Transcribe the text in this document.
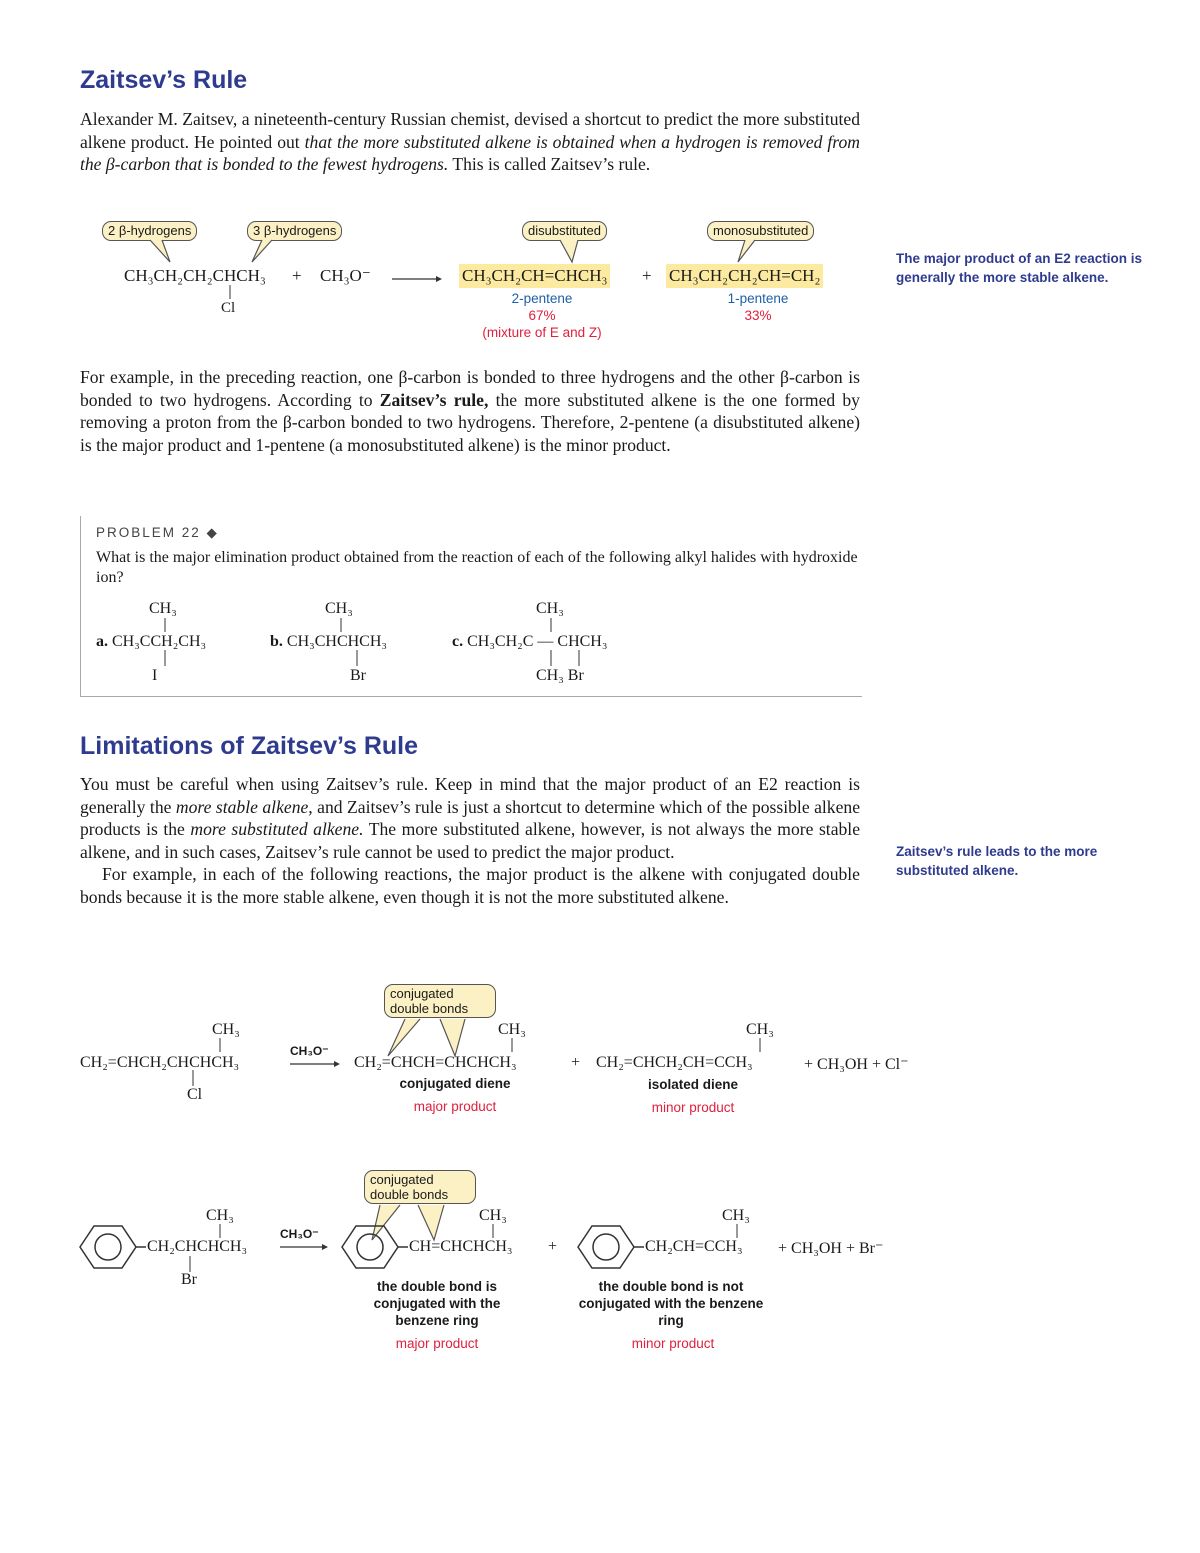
Zaitsev’s Rule

Alexander M. Zaitsev, a nineteenth-century Russian chemist, devised a shortcut to predict the more substituted alkene product. He pointed out that the more substituted alkene is obtained when a hydrogen is removed from the β-carbon that is bonded to the fewest hydrogens. This is called Zaitsev’s rule.

2 β-hydrogens	3 β-hydrogens	disubstituted	monosubstituted
CH₃CH₂CH₂CHCH₃
Cl
+ CH₃O⁻	CH₃CH₂CH=CHCH₃ + CH₃CH₂CH₂CH=CH₂
2-pentene
67%
(mixture of E and Z)
1-pentene
33%
The major product of an E2 reaction is generally the more stable alkene.

For example, in the preceding reaction, one β-carbon is bonded to three hydrogens and the other β-carbon is bonded to two hydrogens. According to Zaitsev’s rule, the more substituted alkene is the one formed by removing a proton from the β-carbon bonded to two hydrogens. Therefore, 2-pentene (a disubstituted alkene) is the major product and 1-pentene (a monosubstituted alkene) is the minor product.

PROBLEM 22 ◆
What is the major elimination product obtained from the reaction of each of the following alkyl halides with hydroxide ion?
CH₃
a. CH₃CCH₂CH₃
I
CH₃
b. CH₃CHCHCH₃
Br
CH₃
c. CH₃CH₂C — CHCH₃
CH₃ Br
Limitations of Zaitsev’s Rule

You must be careful when using Zaitsev’s rule. Keep in mind that the major product of an E2 reaction is generally the more stable alkene, and Zaitsev’s rule is just a shortcut to determine which of the possible alkene products is the more substituted alkene. The more substituted alkene, however, is not always the more stable alkene, and in such cases, Zaitsev’s rule cannot be used to predict the major product.

For example, in each of the following reactions, the major product is the alkene with conjugated double bonds because it is the more stable alkene, even though it is not the more substituted alkene.

Zaitsev’s rule leads to the more substituted alkene.
conjugated double bonds
CH₃
CH₂=CHCH₂CHCHCH₃
Cl
CH₃O⁻
CH₃
CH₂=CHCH=CHCHCH₃
conjugated diene
major product
+
CH₃
CH₂=CHCH₂CH=CCH₃
isolated diene
minor product
+ CH₃OH + Cl⁻
conjugated double bonds
CH₃
CH₂CHCHCH₃
Br
CH₃O⁻
CH₃
CH=CHCHCH₃ +
the double bond is conjugated with the benzene ring
major product
CH₃
CH₂CH=CCH₃
the double bond is not conjugated with the benzene ring
minor product
+ CH₃OH + Br⁻
